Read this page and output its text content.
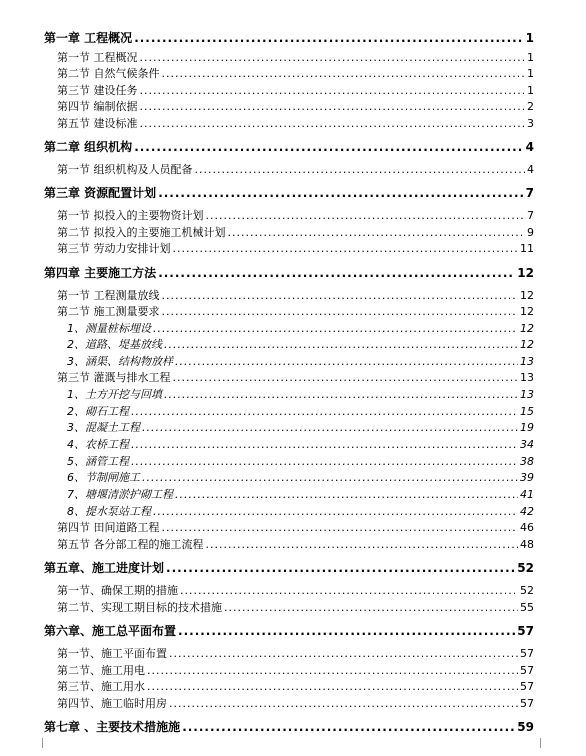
第一章 工程概况 .....	1
第一节 工程概况 .....	1
第二节 自然气候条件 .....	1
第三节 建设任务 .....	1
第四节 编制依据 .....	2
第五节 建设标准 .....	3
第二章 组织机构 .....	4
第一节 组织机构及人员配备 .....	4
第三章 资源配置计划 .....	7
第一节 拟投入的主要物资计划 .....	7
第二节 拟投入的主要施工机械计划 .....	9
第三节 劳动力安排计划 .....	11
第四章 主要施工方法 .....	12
第一节 工程测量放线 .....	12
第二节 施工测量要求 .....	12
1、测量桩标埋设 .....	12
2、道路、堤基放线 .....	12
3、涵渠、结构物放样 .....	13
第三节 灌溉与排水工程 .....	13
1、土方开挖与回填 .....	13
2、砌石工程 .....	15
3、混凝土工程 .....	19
4、农桥工程 .....	34
5、涵管工程 .....	38
6、节制闸施工 .....	39
7、塘堰清淤护砌工程 .....	41
8、提水泵站工程 .....	42
第四节 田间道路工程 .....	46
第五节 各分部工程的施工流程 .....	48
第五章、施工进度计划 .....	52
第一节、确保工期的措施 .....	52
第二节、实现工期目标的技术措施 .....	55
第六章、施工总平面布置 .....	57
第一节、施工平面布置 .....	57
第二节、施工用电 .....	57
第三节、施工用水 .....	57
第四节、施工临时用房 .....	57
第七章 、主要技术措施施 .....	59
